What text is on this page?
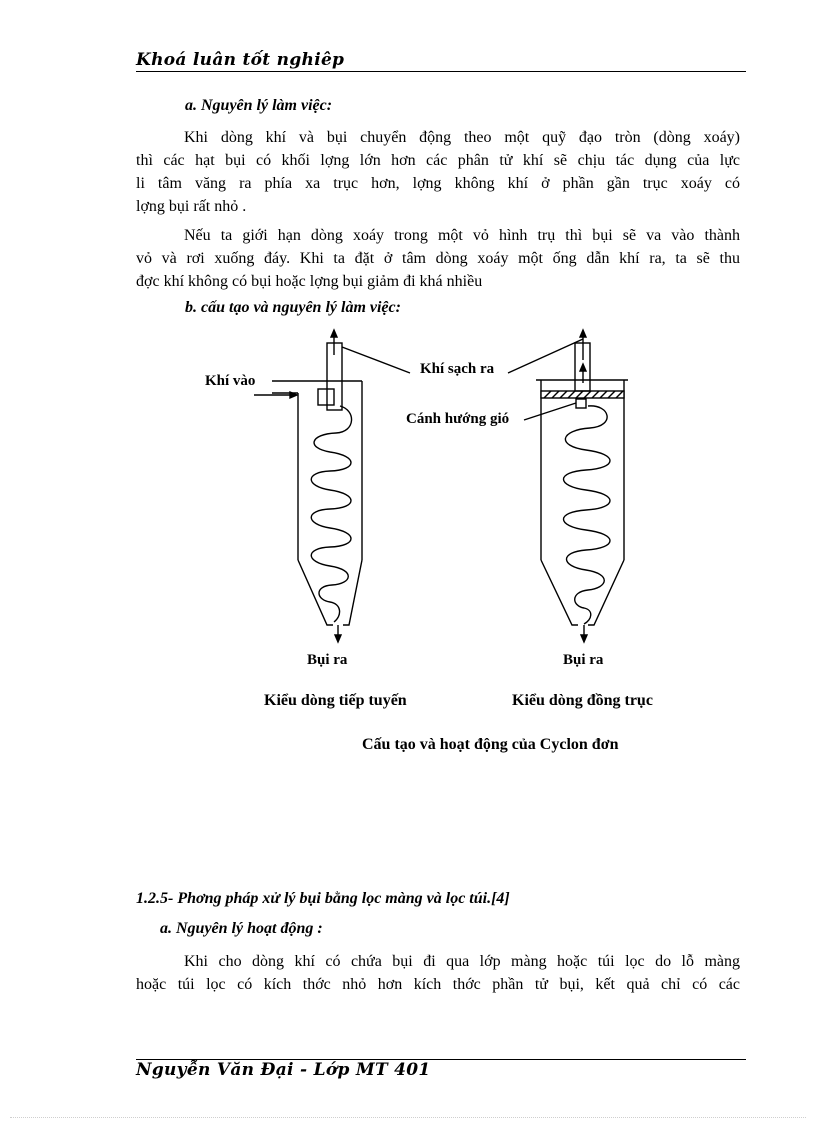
Khoá luân tốt nghiêp
a. Nguyên lý làm việc:
Khi dòng khí và bụi chuyển động theo một quỹ đạo tròn (dòng xoáy)
thì các hạt bụi có khối lợng lớn hơn các phân tử khí sẽ chịu tác dụng của lực
li tâm văng ra phía xa trục hơn, lợng không khí ở phần gần trục xoáy có
lợng bụi rất nhỏ .
Nếu ta giới hạn dòng xoáy trong một vỏ hình trụ thì bụi sẽ va vào thành
vỏ và rơi xuống đáy. Khi ta đặt ở tâm dòng xoáy một ống dẫn khí ra, ta sẽ thu
đợc khí không có bụi hoặc lợng bụi giảm đi khá nhiều
b. cấu tạo và nguyên lý làm việc:
Khí vào
Khí sạch ra
Cánh hướng gió
Bụi ra	Bụi ra
Kiểu dòng tiếp tuyến	Kiểu dòng đồng trục
Cấu tạo và hoạt động của Cyclon đơn
1.2.5- Phơng pháp xử lý bụi bằng lọc màng và lọc túi.[4]
a. Nguyên lý hoạt động :
Khi cho dòng khí có chứa bụi đi qua lớp màng hoặc túi lọc do lỗ màng
hoặc túi lọc có kích thớc nhỏ hơn kích thớc phần tử bụi, kết quả chỉ có các
Nguyễn Văn Đại - Lớp MT 401
